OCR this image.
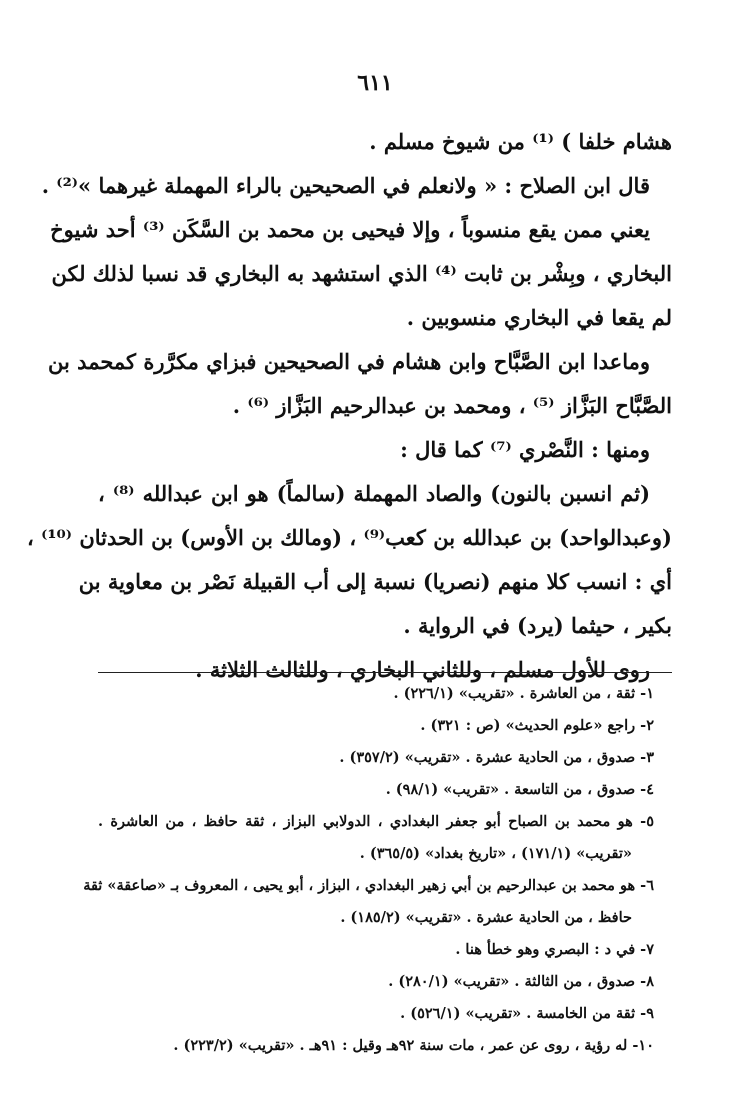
٦١١
هشام خلفا ) ⁽¹⁾ من شيوخ مسلم .
قال ابن الصلاح : « ولانعلم في الصحيحين بالراء المهملة غيرهما »⁽²⁾ .
يعني ممن يقع منسوباً ، وإلا فيحيى بن محمد بن السَّكَن ⁽³⁾ أحد شيوخ
البخاري ، وبِشْر بن ثابت ⁽⁴⁾ الذي استشهد به البخاري قد نسبا لذلك لكن
لم يقعا في البخاري منسوبين .
وماعدا ابن الصَّبَّاح وابن هشام في الصحيحين فبزاي مكرَّرة كمحمد بن
الصَّبَّاح البَزَّاز ⁽⁵⁾ ، ومحمد بن عبدالرحيم البَزَّاز ⁽⁶⁾ .
ومنها : النَّصْري ⁽⁷⁾ كما قال :
(ثم انسبن بالنون) والصاد المهملة (سالماً) هو ابن عبدالله ⁽⁸⁾ ،
(وعبدالواحد) بن عبدالله بن كعب⁽⁹⁾ ، (ومالك بن الأوس) بن الحدثان ⁽¹⁰⁾ ،
أي : انسب كلا منهم (نصريا) نسبة إلى أب القبيلة نَصْر بن معاوية بن
بكير ، حيثما (يرد) في الرواية .
روى للأول مسلم ، وللثاني البخاري ، وللثالث الثلاثة .
١- ثقة ، من العاشرة . «تقريب» (٢٢٦/١) .
٢- راجع «علوم الحديث» (ص : ٣٢١) .
٣- صدوق ، من الحادية عشرة . «تقريب» (٣٥٧/٢) .
٤- صدوق ، من التاسعة . «تقريب» (٩٨/١) .
٥- هو محمد بن الصباح أبو جعفر البغدادي ، الدولابي البزاز ، ثقة حافظ ، من العاشرة .
«تقريب» (١٧١/١) ، «تاريخ بغداد» (٣٦٥/٥) .
٦- هو محمد بن عبدالرحيم بن أبي زهير البغدادي ، البزاز ، أبو يحيى ، المعروف بـ «صاعقة» ثقة
حافظ ، من الحادية عشرة . «تقريب» (١٨٥/٢) .
٧- في د : البصري وهو خطأ هنا .
٨- صدوق ، من الثالثة . «تقريب» (٢٨٠/١) .
٩- ثقة من الخامسة . «تقريب» (٥٢٦/١) .
١٠- له رؤية ، روى عن عمر ، مات سنة ٩٢هـ وقيل : ٩١هـ . «تقريب» (٢٢٣/٢) .
